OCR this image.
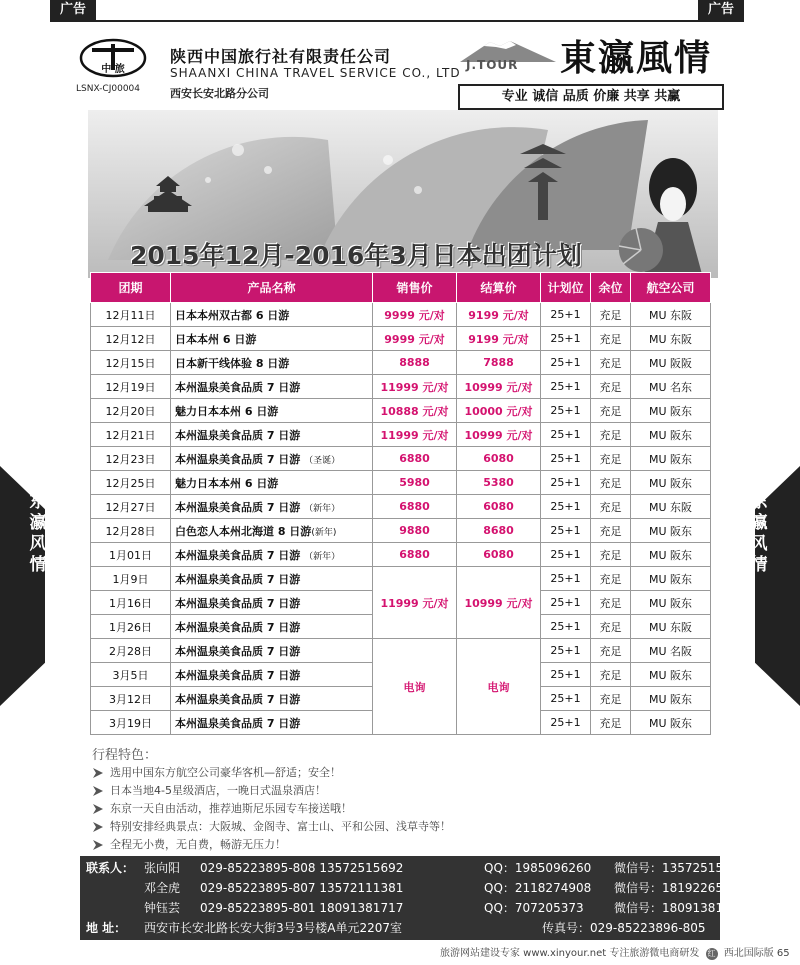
广告	广告
东瀛风情
东瀛风情
中 旅
LSNX-CJ00004
陕西中国旅行社有限责任公司
SHAANXI CHINA TRAVEL SERVICE CO., LTD
西安长安北路分公司
J.TOUR 東瀛風情
专业 诚信 品质 价廉 共享 共赢
2015年12月-2016年3月日本出团计划
团期	产品名称	销售价	结算价	计划位	余位	航空公司
12月11日	日本本州双古都 6 日游	9999 元/对	9199 元/对	25+1	充足	MU 东阪
12月12日	日本本州 6 日游	9999 元/对	9199 元/对	25+1	充足	MU 东阪
12月15日	日本新干线体验 8 日游	8888	7888	25+1	充足	MU 阪阪
12月19日	本州温泉美食品质 7 日游	11999 元/对	10999 元/对	25+1	充足	MU 名东
12月20日	魅力日本本州 6 日游	10888 元/对	10000 元/对	25+1	充足	MU 阪东
12月21日	本州温泉美食品质 7 日游	11999 元/对	10999 元/对	25+1	充足	MU 阪东
12月23日	本州温泉美食品质 7 日游 （圣诞）	6880	6080	25+1	充足	MU 阪东
12月25日	魅力日本本州 6 日游	5980	5380	25+1	充足	MU 阪东
12月27日	本州温泉美食品质 7 日游 （新年）	6880	6080	25+1	充足	MU 东阪
12月28日	白色恋人本州北海道 8 日游(新年)	9880	8680	25+1	充足	MU 阪东
1月01日	本州温泉美食品质 7 日游 （新年）	6880	6080	25+1	充足	MU 阪东
1月9日	本州温泉美食品质 7 日游	11999 元/对	10999 元/对	25+1	充足	MU 阪东
1月16日	本州温泉美食品质 7 日游			25+1	充足	MU 阪东
1月26日	本州温泉美食品质 7 日游			25+1	充足	MU 东阪
2月28日	本州温泉美食品质 7 日游	电询	电询	25+1	充足	MU 名阪
3月5日	本州温泉美食品质 7 日游			25+1	充足	MU 阪东
3月12日	本州温泉美食品质 7 日游			25+1	充足	MU 阪东
3月19日	本州温泉美食品质 7 日游			25+1	充足	MU 阪东
行程特色：
选用中国东方航空公司豪华客机—舒适；安全！
日本当地4-5星级酒店，一晚日式温泉酒店！
东京一天自由活动，推荐迪斯尼乐园专车接送哦！
特别安排经典景点：大阪城、金阁寺、富士山、平和公园、浅草寺等！
全程无小费，无自费，畅游无压力！
联系人： 张向阳 029-85223895-808 13572515692	QQ：1985096260 微信号：13572515692
邓全虎 029-85223895-807 13572111381	QQ：2118274908 微信号：18192265244
钟钰芸 029-85223895-801 18091381717	QQ：707205373	微信号：18091381717
地 址： 西安市长安北路长安大街3号3号楼A单元2207室	传真号：029-85223896-805
旅游网站建设专家 www.xinyour.net 专注旅游微电商研发 红 西北国际版 65
